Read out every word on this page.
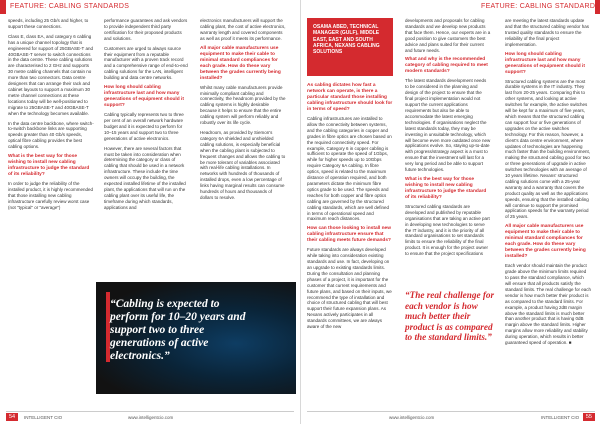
FEATURE: CABLING STANDARDS

speeds, including 25 Gb/s and higher, to support these connections.

Class E, class EA, and category 6 cabling has a unique channel topology that is engineered for support of 25GBASE-T and 40GBASE-T server to switch connections in the data centre. These cabling solutions are characterised to 2 GHz and supports 30 metre cabling channels that contain no more than two connectors. Data centre designers that can arrange their rack and cabinet layouts to support a maximum 30 metre channel connections at these locations today will be well-positioned to migrate to 25GBASE-T and 40GBASE-T when the technology becomes available.

In the data centre backbone, where switch-to-switch backbone links are supporting speeds greater than 40 Gb/s speeds, optical fibre cabling provides the best cabling options.

What is the best way for those wishing to install new cabling infrastructure to judge the standard of its reliability?

In order to judge the reliability of the installed product, it is highly recommended that those installing new cabling infrastructure carefully review worst case (not "typical" or "average")

performance guarantees and ask vendors to provide independent third party certification for their proposed products and solutions.

Customers are urged to always source their equipment from a reputable manufacturer with a proven track record and a comprehensive range of end-to-end cabling solutions for the LAN, intelligent building and data centre networks.

How long should cabling infrastructure last and how many generations of equipment should it support?

Cabling typically represents two to three per cent of an overall network hardware budget and it is expected to perform for 10–15 years and support two to three generations of active electronics.

However, there are several factors that must be taken into consideration when determining the category or class of cabling that should be used in a network infrastructure. These include the time owners will occupy the building, the expected installed lifetime of the installed plant, the applications that will run on the cabling plant over its useful life, the timeframe during which standards, applications and

electronics manufacturers will support the cabling plant, the cost of active electronics, warranty length and covered components as well as proof it meets its performance.

All major cable manufacturers use equipment to make their cable to minimal standard compliances for each grade. How do these vary between the grades currently being installed?

Whilst many cable manufacturers provide minimally compliant cabling and connectivity, the headroom provided by the cabling systems is highly desirable because it helps to ensure that the entire cabling system will perform reliably and robustly over its life cycle.

Headroom, as provided by Siemon's category 6A shielded and unshielded cabling solutions, is especially beneficial when the cabling plant is subjected to frequent changes and allows the cabling to be more tolerant of variables associated with real-life cabling installations. In networks with hundreds of thousands of installed drops, even a low percentage of links having marginal results can consume hundreds of hours and thousands of dollars to resolve.

“Cabling is expected to perform for 10–20 years and support two to three generations of active electronics.”
54	INTELLIGENT CIO	www.intelligentcio.com
FEATURE: CABLING STANDARDS
OSAMA ABED, TECHNICAL MANAGER (GULF), MIDDLE EAST, EAST AND SOUTH AFRICA, NEXANS CABLING SOLUTIONS
As cabling dictates how fast a network can operate, is there a particular standard those installing cabling infrastructure should look for in terms of speed?

Cabling infrastructures are installed to allow the connectivity between systems, and the cabling categories in copper and grades in fibre optics are chosen based on the required connectivity speed. For example, Category 6 in copper cabling is sufficient to operate the speed of 1Gbps, while for higher speeds up to 10Gbps require Category 6A cabling. In fibre optics, speed is related to the maximum distance of operation required, and both parameters dictate the minimum fibre optics grade to be used. The speeds and reaches for both copper and fibre optics cabling are governed by the structured cabling standards, which are well defined in terms of operational speed and maximum reach distances.

How can those looking to install new cabling infrastructure ensure that their cabling meets future demands?

Future standards are always developed while taking into consideration existing standards and use. In fact, developing on an upgrade to existing standards limits. During the consultation and planning phases of a project, it is important for the customer that current requirements and future plans, and based on their inputs, we recommend the type of installation and choice of structured cabling that will best support their future expansion plans. As Nexans actively participates in all standards committees, we are always aware of the new

developments and proposals for cabling standards and we develop new products that face them. Hence, our experts are in a good position to give customers the best advice and plans suited for their current and future needs.

What and why is the recommended category of cabling required to meet modern standards?

The latest standards development needs to be considered in the planning and design of the project to ensure that the final project implementation would not support the current applications requirements but also be able to accommodate the latest emerging technologies. If organisations neglect the latest standards today, they may be investing in unsuitable technology, which will become even more outdated once new applications evolve. So, staying up-to-date with progress/strategy aspect is a must to ensure that the investment will last for a very long period and be able to support future technologies.

What is the best way for those wishing to install new cabling infrastructure to judge the standard of its reliability?

Structured cabling standards are developed and published by reputable organisations that are taking an active part in developing new technologies to serve the IT industry, and it is the priority of all standard organisations to set standards limits to ensure the reliability of the final product. It is enough for the project owner to ensure that the project specifications

are meeting the latest standards update and that the structured cabling vendor has trusted quality standards to ensure the reliability of the final project implementation.

How long should cabling infrastructure last and how many generations of equipment should it support?

Structured cabling systems are the most durable systems in the IT industry. They last from 20-25 years. Comparing this to other systems, and looking at active switches for example, the active switches will be kept for a maximum of five years, which means that the structured cabling can support four or five generations of upgrades on the active switches technology. For this reason, however, a client's data centre environment, where updates of technologies are happening much faster than the building environment, making the structured cabling good for two or three generations of upgrade in active switches technologies with an average of 10 years lifetime. Nexans' structured cabling solutions come with a 25-year warranty and a warranty that covers the product quality as well as the applications speeds, ensuring that the installed cabling will continue to support the promised application speeds for the warranty period of 25 years.

All major cable manufacturers use equipment to make their cable to minimal standard compliances for each grade. How do these vary between the grades currently being installed?

Each vendor should maintain the product grade above the minimum limits required to pass the standard compliance, which will ensure that all products satisfy the standard limits. The real challenge for each vendor is how much better their product is as compared to the standard limits. For example, a product having 2dB margin above the standard limits is much better than another product that is having 0dB margin above the standard limits. Higher margins allow more reliability and stability during operation, which results in better guaranteed speed of operation. ■

“The real challenge for each vendor is how much better their product is as compared to the standard limits.”
www.intelligentcio.com	INTELLIGENT CIO	55
